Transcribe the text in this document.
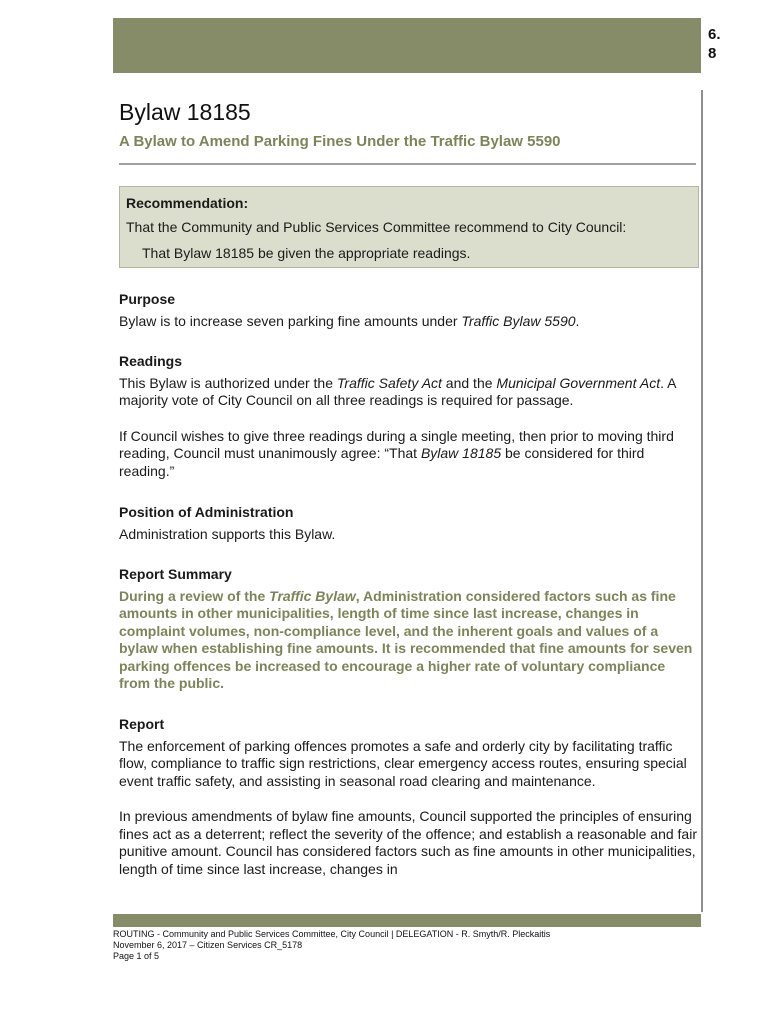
6.
8
Bylaw 18185
A Bylaw to Amend Parking Fines Under the Traffic Bylaw 5590
Recommendation:
That the Community and Public Services Committee recommend to City Council:
That Bylaw 18185 be given the appropriate readings.
Purpose

Bylaw is to increase seven parking fine amounts under Traffic Bylaw 5590.

Readings

This Bylaw is authorized under the Traffic Safety Act and the Municipal Government Act. A majority vote of City Council on all three readings is required for passage.

If Council wishes to give three readings during a single meeting, then prior to moving third reading, Council must unanimously agree: “That Bylaw 18185 be considered for third reading.”

Position of Administration

Administration supports this Bylaw.

Report Summary

During a review of the Traffic Bylaw, Administration considered factors such as fine amounts in other municipalities, length of time since last increase, changes in complaint volumes, non-compliance level, and the inherent goals and values of a bylaw when establishing fine amounts. It is recommended that fine amounts for seven parking offences be increased to encourage a higher rate of voluntary compliance from the public.

Report

The enforcement of parking offences promotes a safe and orderly city by facilitating traffic flow, compliance to traffic sign restrictions, clear emergency access routes, ensuring special event traffic safety, and assisting in seasonal road clearing and maintenance.

In previous amendments of bylaw fine amounts, Council supported the principles of ensuring fines act as a deterrent; reflect the severity of the offence; and establish a reasonable and fair punitive amount. Council has considered factors such as fine amounts in other municipalities, length of time since last increase, changes in

ROUTING - Community and Public Services Committee, City Council | DELEGATION - R. Smyth/R. Pleckaitis
November 6, 2017 – Citizen Services CR_5178
Page 1 of 5
